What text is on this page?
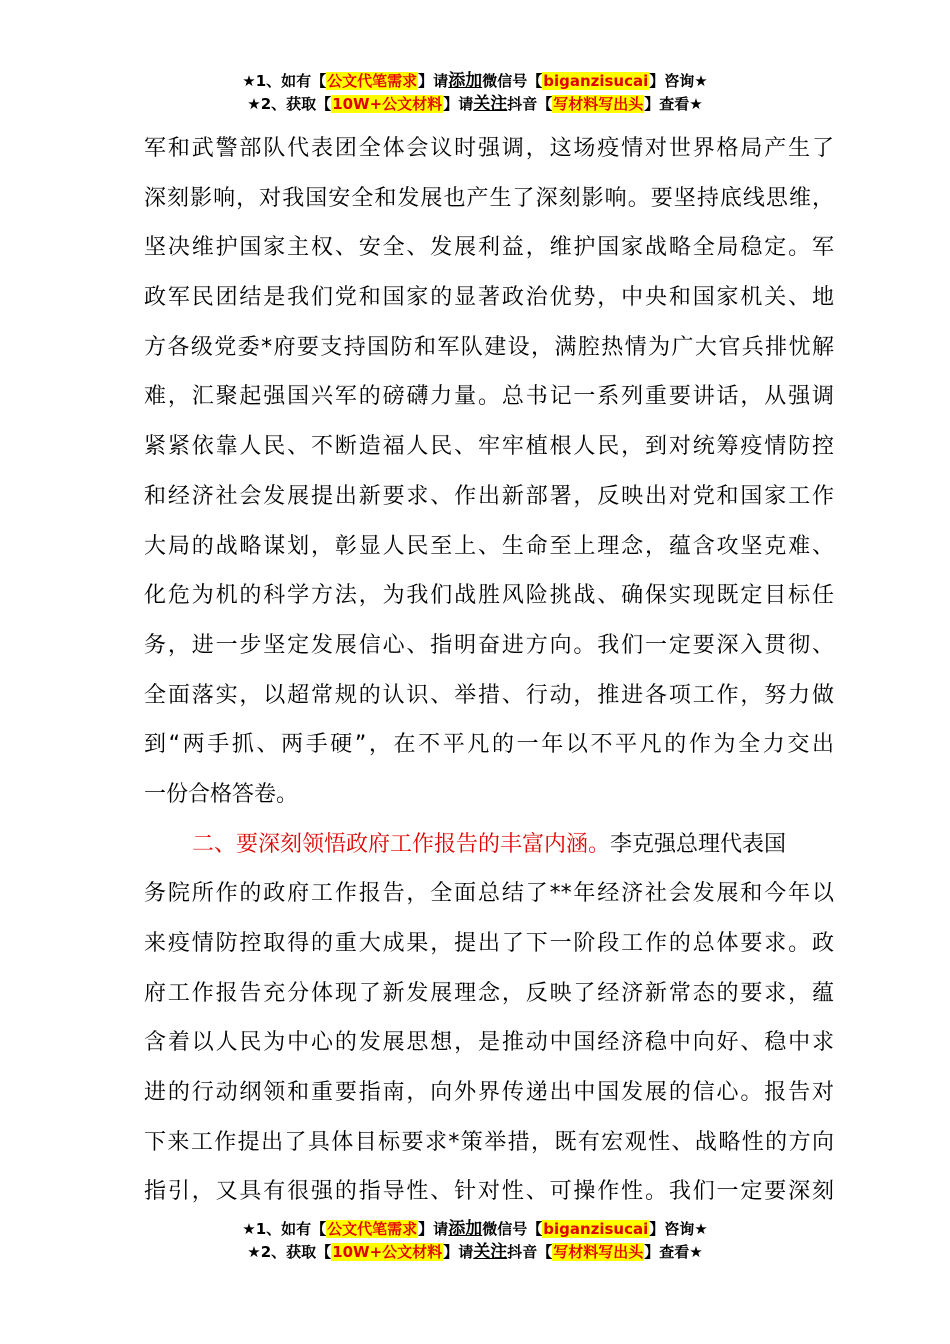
★1、如有【公文代笔需求】请添加微信号【biganzisucai】咨询★
★2、获取【10W+公文材料】请关注抖音【写材料写出头】查看★
军和武警部队代表团全体会议时强调，这场疫情对世界格局产生了
深刻影响，对我国安全和发展也产生了深刻影响。要坚持底线思维，
坚决维护国家主权、安全、发展利益，维护国家战略全局稳定。军
政军民团结是我们党和国家的显著政治优势，中央和国家机关、地
方各级党委*府要支持国防和军队建设，满腔热情为广大官兵排忧解
难，汇聚起强国兴军的磅礴力量。总书记一系列重要讲话，从强调
紧紧依靠人民、不断造福人民、牢牢植根人民，到对统筹疫情防控
和经济社会发展提出新要求、作出新部署，反映出对党和国家工作
大局的战略谋划，彰显人民至上、生命至上理念，蕴含攻坚克难、
化危为机的科学方法，为我们战胜风险挑战、确保实现既定目标任
务，进一步坚定发展信心、指明奋进方向。我们一定要深入贯彻、
全面落实，以超常规的认识、举措、行动，推进各项工作，努力做
到“两手抓、两手硬”，在不平凡的一年以不平凡的作为全力交出
一份合格答卷。
二、要深刻领悟政府工作报告的丰富内涵。李克强总理代表国
务院所作的政府工作报告，全面总结了**年经济社会发展和今年以
来疫情防控取得的重大成果，提出了下一阶段工作的总体要求。政
府工作报告充分体现了新发展理念，反映了经济新常态的要求，蕴
含着以人民为中心的发展思想，是推动中国经济稳中向好、稳中求
进的行动纲领和重要指南，向外界传递出中国发展的信心。报告对
下来工作提出了具体目标要求*策举措，既有宏观性、战略性的方向
指引，又具有很强的指导性、针对性、可操作性。我们一定要深刻
★1、如有【公文代笔需求】请添加微信号【biganzisucai】咨询★
★2、获取【10W+公文材料】请关注抖音【写材料写出头】查看★
